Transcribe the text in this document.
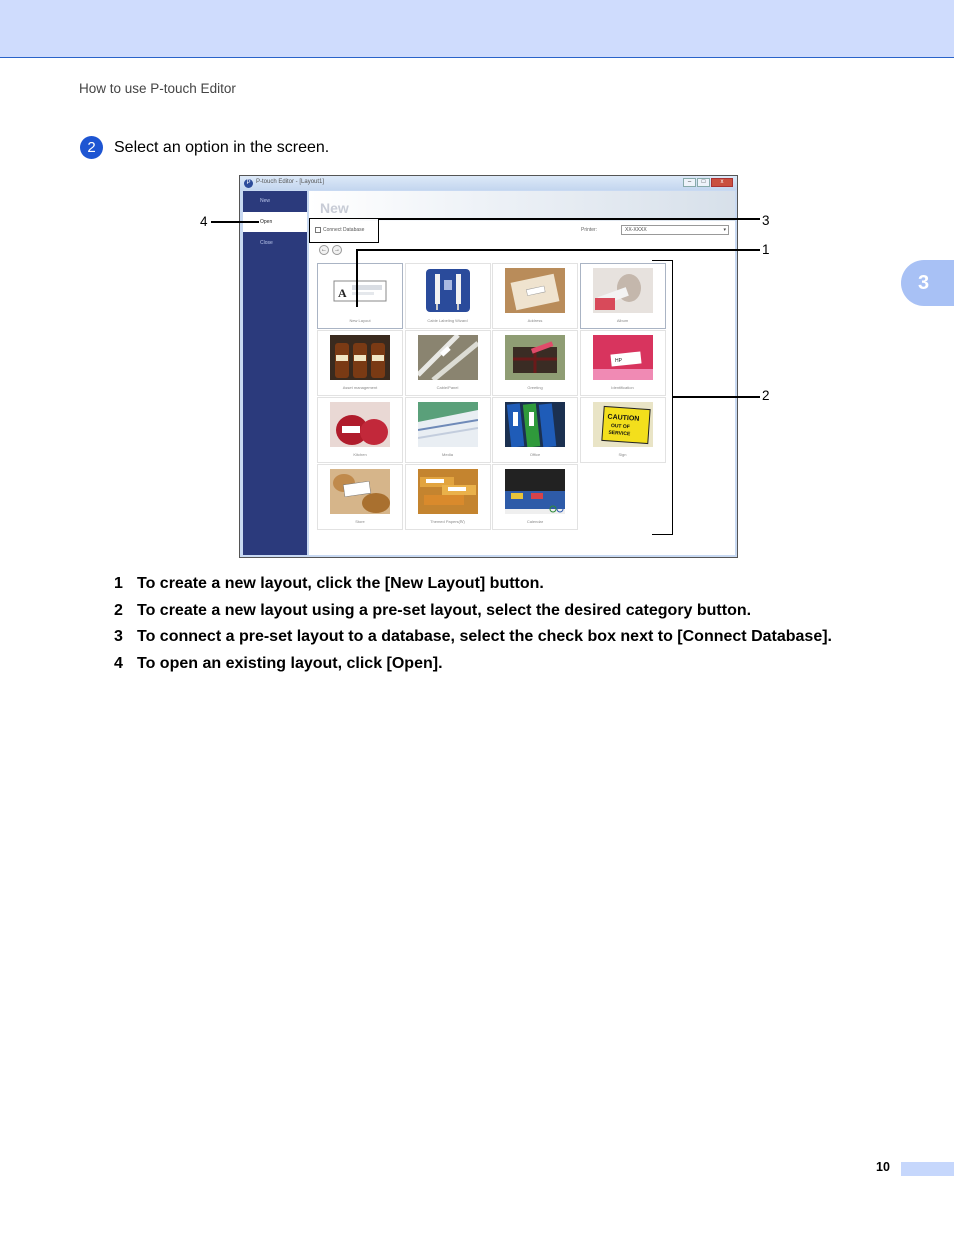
How to use P-touch Editor
2	Select an option in the screen.
3
P P-touch Editor - [Layout1]	–	□	x
New
Open
Close
New
Connect Database	Printer:	XX-XXXX	▾
←	→
A
New Layout	Cable Labeling Wizard	Address	Album
Asset management	Cable/Panel	Greeting
HP
Identification
Kitchen	Media	Office
CAUTION
OUT OF
SERVICE
Sign
Store	Themed Papers(Ⅳ)	Calendar
3
1
2
4
1 To create a new layout, click the [New Layout] button.
2 To create a new layout using a pre-set layout, select the desired category button.
3 To connect a pre-set layout to a database, select the check box next to [Connect Database].
4 To open an existing layout, click [Open].
10
